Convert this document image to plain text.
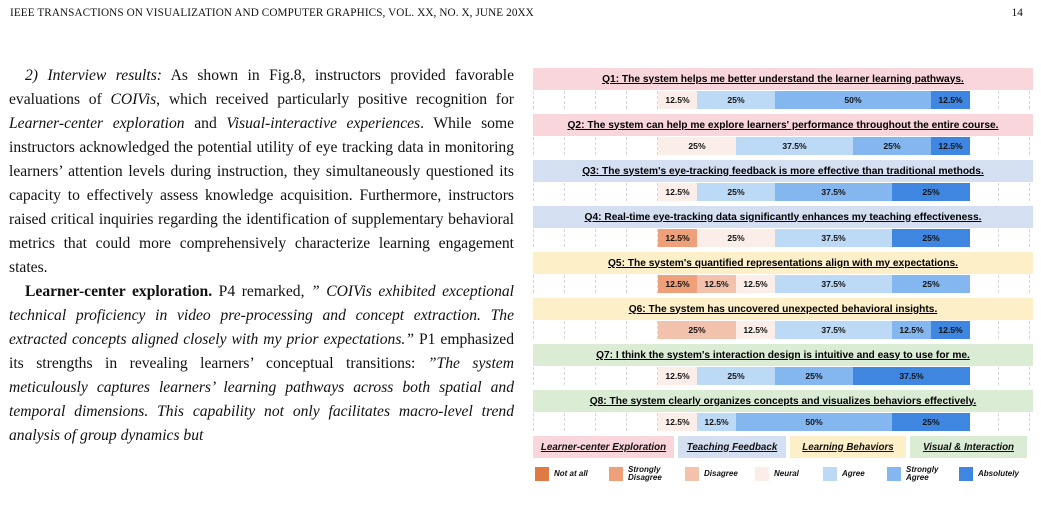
IEEE TRANSACTIONS ON VISUALIZATION AND COMPUTER GRAPHICS, VOL. XX, NO. X, JUNE 20XX	14

2) Interview results: As shown in Fig.8, instructors provided favorable evaluations of COIVis, which received particularly positive recognition for Learner-center exploration and Visual-interactive experiences. While some instructors acknowledged the potential utility of eye tracking data in monitoring learners’ attention levels during instruction, they simultaneously questioned its capacity to effectively assess knowledge acquisition. Furthermore, instructors raised critical inquiries regarding the identification of supplementary behavioral metrics that could more comprehensively characterize learning engagement states.

Learner-center exploration. P4 remarked, ” COIVis exhibited exceptional technical proficiency in video pre-processing and concept extraction. The extracted concepts aligned closely with my prior expectations.” P1 emphasized its strengths in revealing learners’ conceptual transitions: ”The system meticulously captures learners’ learning pathways across both spatial and temporal dimensions. This capability not only facilitates macro-level trend analysis of group dynamics but

Q1: The system helps me better understand the learner learning pathways.
12.5%	25%	50%	12.5%
Q2: The system can help me explore learners' performance throughout the entire course.
25%	37.5%	25%	12.5%
Q3: The system's eye-tracking feedback is more effective than traditional methods.
12.5%	25%	37.5%	25%
Q4: Real-time eye-tracking data significantly enhances my teaching effectiveness.
12.5%	25%	37.5%	25%
Q5: The system's quantified representations align with my expectations.
12.5%	12.5%	12.5%	37.5%	25%
Q6: The system has uncovered unexpected behavioral insights.
25%	12.5%	37.5%	12.5%	12.5%
Q7: I think the system's interaction design is intuitive and easy to use for me.
12.5%	25%	25%	37.5%
Q8: The system clearly organizes concepts and visualizes behaviors effectively.
12.5%	12.5%	50%	25%
Learner-center Exploration Teaching Feedback	Learning Behaviors	Visual & Interaction
Not at all	Strongly Disagree	Disagree	Neural	Agree	Strongly Agree	Absolutely
